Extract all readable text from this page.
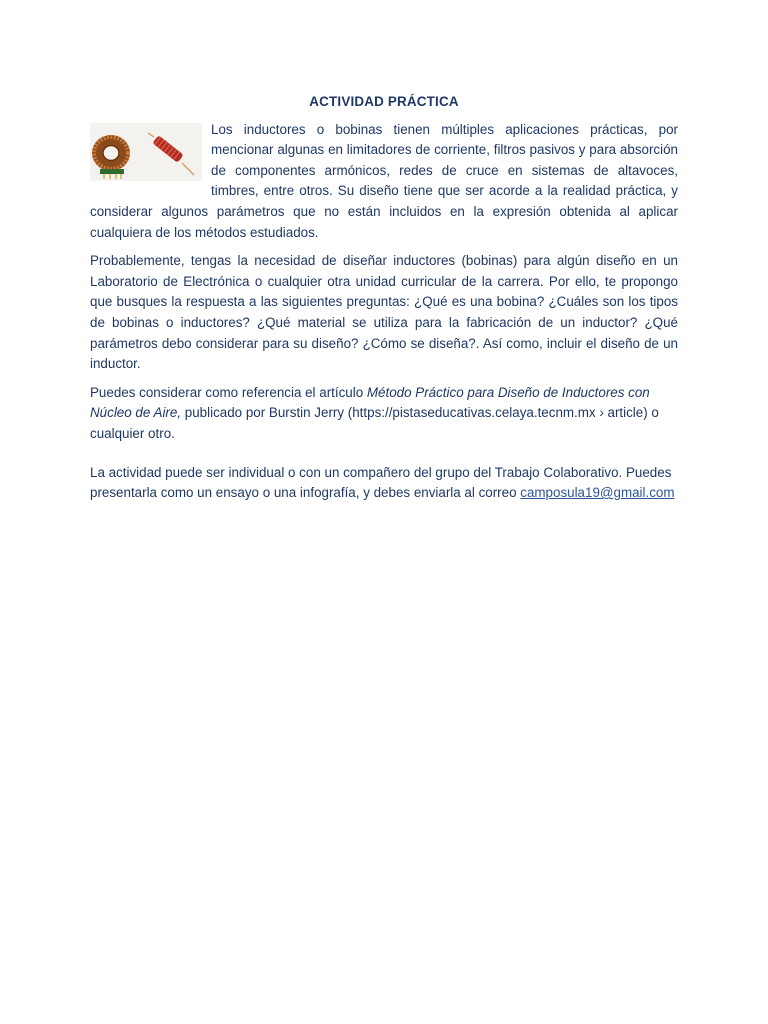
ACTIVIDAD PRÁCTICA
Los inductores o bobinas tienen múltiples aplicaciones prácticas, por mencionar algunas en limitadores de corriente, filtros pasivos y para absorción de componentes armónicos, redes de cruce en sistemas de altavoces, timbres, entre otros. Su diseño tiene que ser acorde a la realidad práctica, y considerar algunos parámetros que no están incluidos en la expresión obtenida al aplicar cualquiera de los métodos estudiados.
Probablemente, tengas la necesidad de diseñar inductores (bobinas) para algún diseño en un Laboratorio de Electrónica o cualquier otra unidad curricular de la carrera. Por ello, te propongo que busques la respuesta a las siguientes preguntas: ¿Qué es una bobina? ¿Cuáles son los tipos de bobinas o inductores? ¿Qué material se utiliza para la fabricación de un inductor? ¿Qué parámetros debo considerar para su diseño? ¿Cómo se diseña?. Así como, incluir el diseño de un inductor.
Puedes considerar como referencia el artículo Método Práctico para Diseño de Inductores con Núcleo de Aire, publicado por Burstin Jerry (https://pistaseducativas.celaya.tecnm.mx › article) o cualquier otro.
La actividad puede ser individual o con un compañero del grupo del Trabajo Colaborativo. Puedes presentarla como un ensayo o una infografía, y debes enviarla al correo camposula19@gmail.com
